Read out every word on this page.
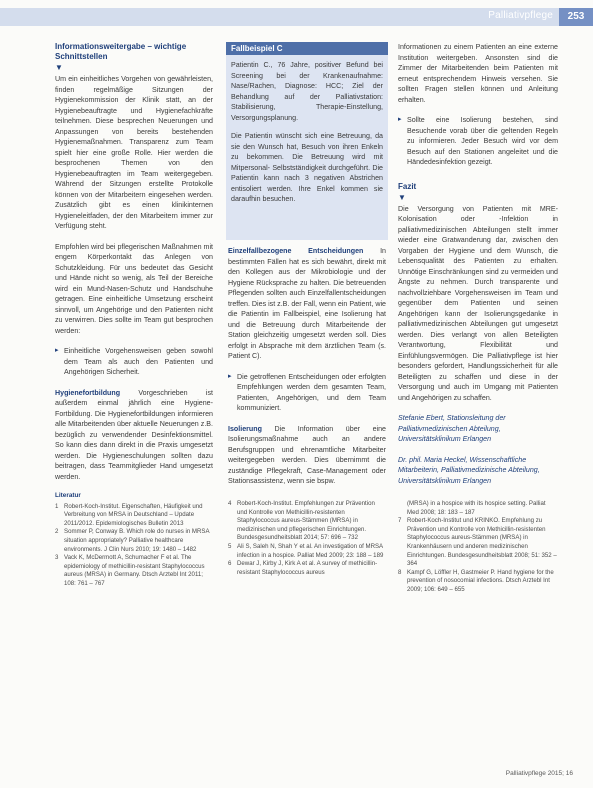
Palliativpflege	253
Informationsweitergabe – wichtige Schnittstellen
▼

Um ein einheitliches Vorgehen von gewährleisten, finden regelmäßige Sitzungen der Hygienekommission der Klinik statt, an der Hygienebeauftragte und Hygienefachkräfte teilnehmen. Diese besprechen Neuerungen und Anpassungen von bereits bestehenden Hygienemaßnahmen. Transparenz zum Team spielt hier eine große Rolle. Hier werden die besprochenen Themen von den Hygienebeauftragten im Team weitergegeben. Während der Sitzungen erstellte Protokolle können von der Mitarbeitern eingesehen werden. Zusätzlich gibt es einen klinikinternen Hygieneleitfaden, der den Mitarbeitern immer zur Verfügung steht.

Empfohlen wird bei pflegerischen Maßnahmen mit engem Körperkontakt das Anlegen von Schutzkleidung. Für uns bedeutet das Gesicht und Hände nicht so wenig, als Teil der Bereiche wird ein Mund-Nasen-Schutz und Handschuhe getragen. Eine einheitliche Umsetzung erscheint sinnvoll, um Angehörige und den Patienten nicht zu verwirren. Dies sollte im Team gut besprochen werden:

▸ Einheitliche Vorgehensweisen geben sowohl dem Team als auch den Patienten und Angehörigen Sicherheit.

Hygienefortbildung	Vorgeschrieben ist außerdem einmal jährlich eine Hygiene-Fortbildung. Die Hygienefortbildungen informieren alle Mitarbeitenden über aktuelle Neuerungen z.B. bezüglich zu verwendender Desinfektionsmittel. So kann dies dann direkt in die Praxis umgesetzt werden. Die Hygieneschulungen sollten dazu beitragen, dass Teammitglieder Hand umgesetzt werden.

Fallbeispiel C

Patientin C., 76 Jahre, positiver Befund bei Screening bei der Krankenaufnahme: Nase/Rachen, Diagnose: HCC; Ziel der Behandlung auf der Palliativstation: Stabilisierung, Therapie-Einstellung, Versorgungsplanung.

Die Patientin wünscht sich eine Betreuung, da sie den Wunsch hat, Besuch von ihren Enkeln zu bekommen. Die Betreuung wird mit Mitpersonal- Selbstständigkeit durchgeführt. Die Patientin kann nach 3 negativen Abstrichen entisoliert werden. Ihre Enkel kommen sie daraufhin besuchen.

Einzelfallbezogene Entscheidungen In bestimmten Fällen hat es sich bewährt, direkt mit den Kollegen aus der Mikrobiologie und der Hygiene Rücksprache zu halten. Die betreuenden Pflegenden sollten auch Einzelfallentscheidungen treffen. Dies ist z.B. der Fall, wenn ein Patient, wie die Patientin im Fallbeispiel, eine Isolierung hat und die Betreuung durch Mitarbeitende der Station gleichzeitig umgesetzt werden soll. Dies erfolgt in Absprache mit dem ärztlichen Team (s. Patient C).

▸ Die getroffenen Entscheidungen oder erfolgten Empfehlungen werden dem gesamten Team, Patienten, Angehörigen, und dem Team kommuniziert.

Isolierung Die Information über eine Isolierungsmaßnahme auch an andere Berufsgruppen und ehrenamtliche Mitarbeiter weitergegeben werden. Dies übernimmt die zuständige Pflegekraft, Case-Management oder Stationsassistenz, wenn sie bspw.

Informationen zu einem Patienten an eine externe Institution weitergeben. Ansonsten sind die Zimmer der Mitarbeitenden beim Patienten mit erneut entsprechendem Hinweis versehen. Sie sollten Fragen stellen können und Anleitung erhalten.

▸ Sollte eine Isolierung bestehen, sind Besuchende vorab über die geltenden Regeln zu informieren. Jeder Besuch wird vor dem Besuch auf den Stationen angeleitet und die Händedesinfektion gezeigt.
Fazit
▼

Die Versorgung von Patienten mit MRE-Kolonisation oder -Infektion in palliativmedizinischen Abteilungen stellt immer wieder eine Gratwanderung dar, zwischen den Vorgaben der Hygiene und dem Wunsch, die Lebensqualität des Patienten zu erhalten. Unnötige Einschränkungen sind zu vermeiden und Ängste zu nehmen. Durch transparente und nachvollziehbare Vorgehensweisen im Team und gegenüber dem Patienten und seinen Angehörigen kann der Isolierungsgedanke in palliativmedizinischen Abteilungen gut umgesetzt werden. Dies verlangt von allen Beteiligten Verantwortung, Flexibilität und Einfühlungsvermögen. Die Palliativpflege ist hier besonders gefordert, Handlungssicherheit für alle Beteiligten zu schaffen und diese in der Versorgung und auch im Umgang mit Patienten und Angehörigen zu schaffen.

Stefanie Ebert, Stationsleitung der Palliativmedizinischen Abteilung, Universitätsklinikum Erlangen

Dr. phil. Maria Heckel, Wissenschaftliche Mitarbeiterin, Palliativmedizinische Abteilung, Universitätsklinikum Erlangen

Literatur
1 Robert-Koch-Institut. Eigenschaften, Häufigkeit und Verbreitung von MRSA in Deutschland – Update 2011/2012. Epidemiologisches Bulletin 2013
2 Sommer P, Conway B. Which role do nurses in MRSA situation appropriately? Palliative healthcare environments. J Clin Nurs 2010; 19: 1480 – 1482
3 Vack K, McDermott A, Schumacher F et al. The epidemiology of methicillin-resistant Staphylococcus aureus (MRSA) in Germany. Dtsch Arztebl Int 2011; 108: 761 – 767
4 Robert-Koch-Institut. Empfehlungen zur Prävention und Kontrolle von Methicillin-resistenten Staphylococcus aureus-Stämmen (MRSA) in medizinischen und pflegerischen Einrichtungen. Bundesgesundheitsblatt 2014; 57: 696 – 732
5 Ali S, Saleh N, Shah Y et al. An investigation of MRSA infection in a hospice. Palliat Med 2009; 23: 188 – 189
6 Dewar J, Kirby J, Kirk A et al. A survey of methicillin-resistant Staphylococcus aureus
(MRSA) in a hospice with its hospice setting. Palliat Med 2008; 18: 183 – 187
7 Robert-Koch-Institut und KRINKO. Empfehlung zu Prävention und Kontrolle von Methicillin-resistenten Staphylococcus aureus-Stämmen (MRSA) in Krankenhäusern und anderen medizinischen Einrichtungen. Bundesgesundheitsblatt 2008; 51: 352 – 364
8 Kampf G, Löffler H, Gastmeier P. Hand hygiene for the prevention of nosocomial infections. Dtsch Arztebl Int 2009; 106: 649 – 655
Palliativpflege 2015; 16
